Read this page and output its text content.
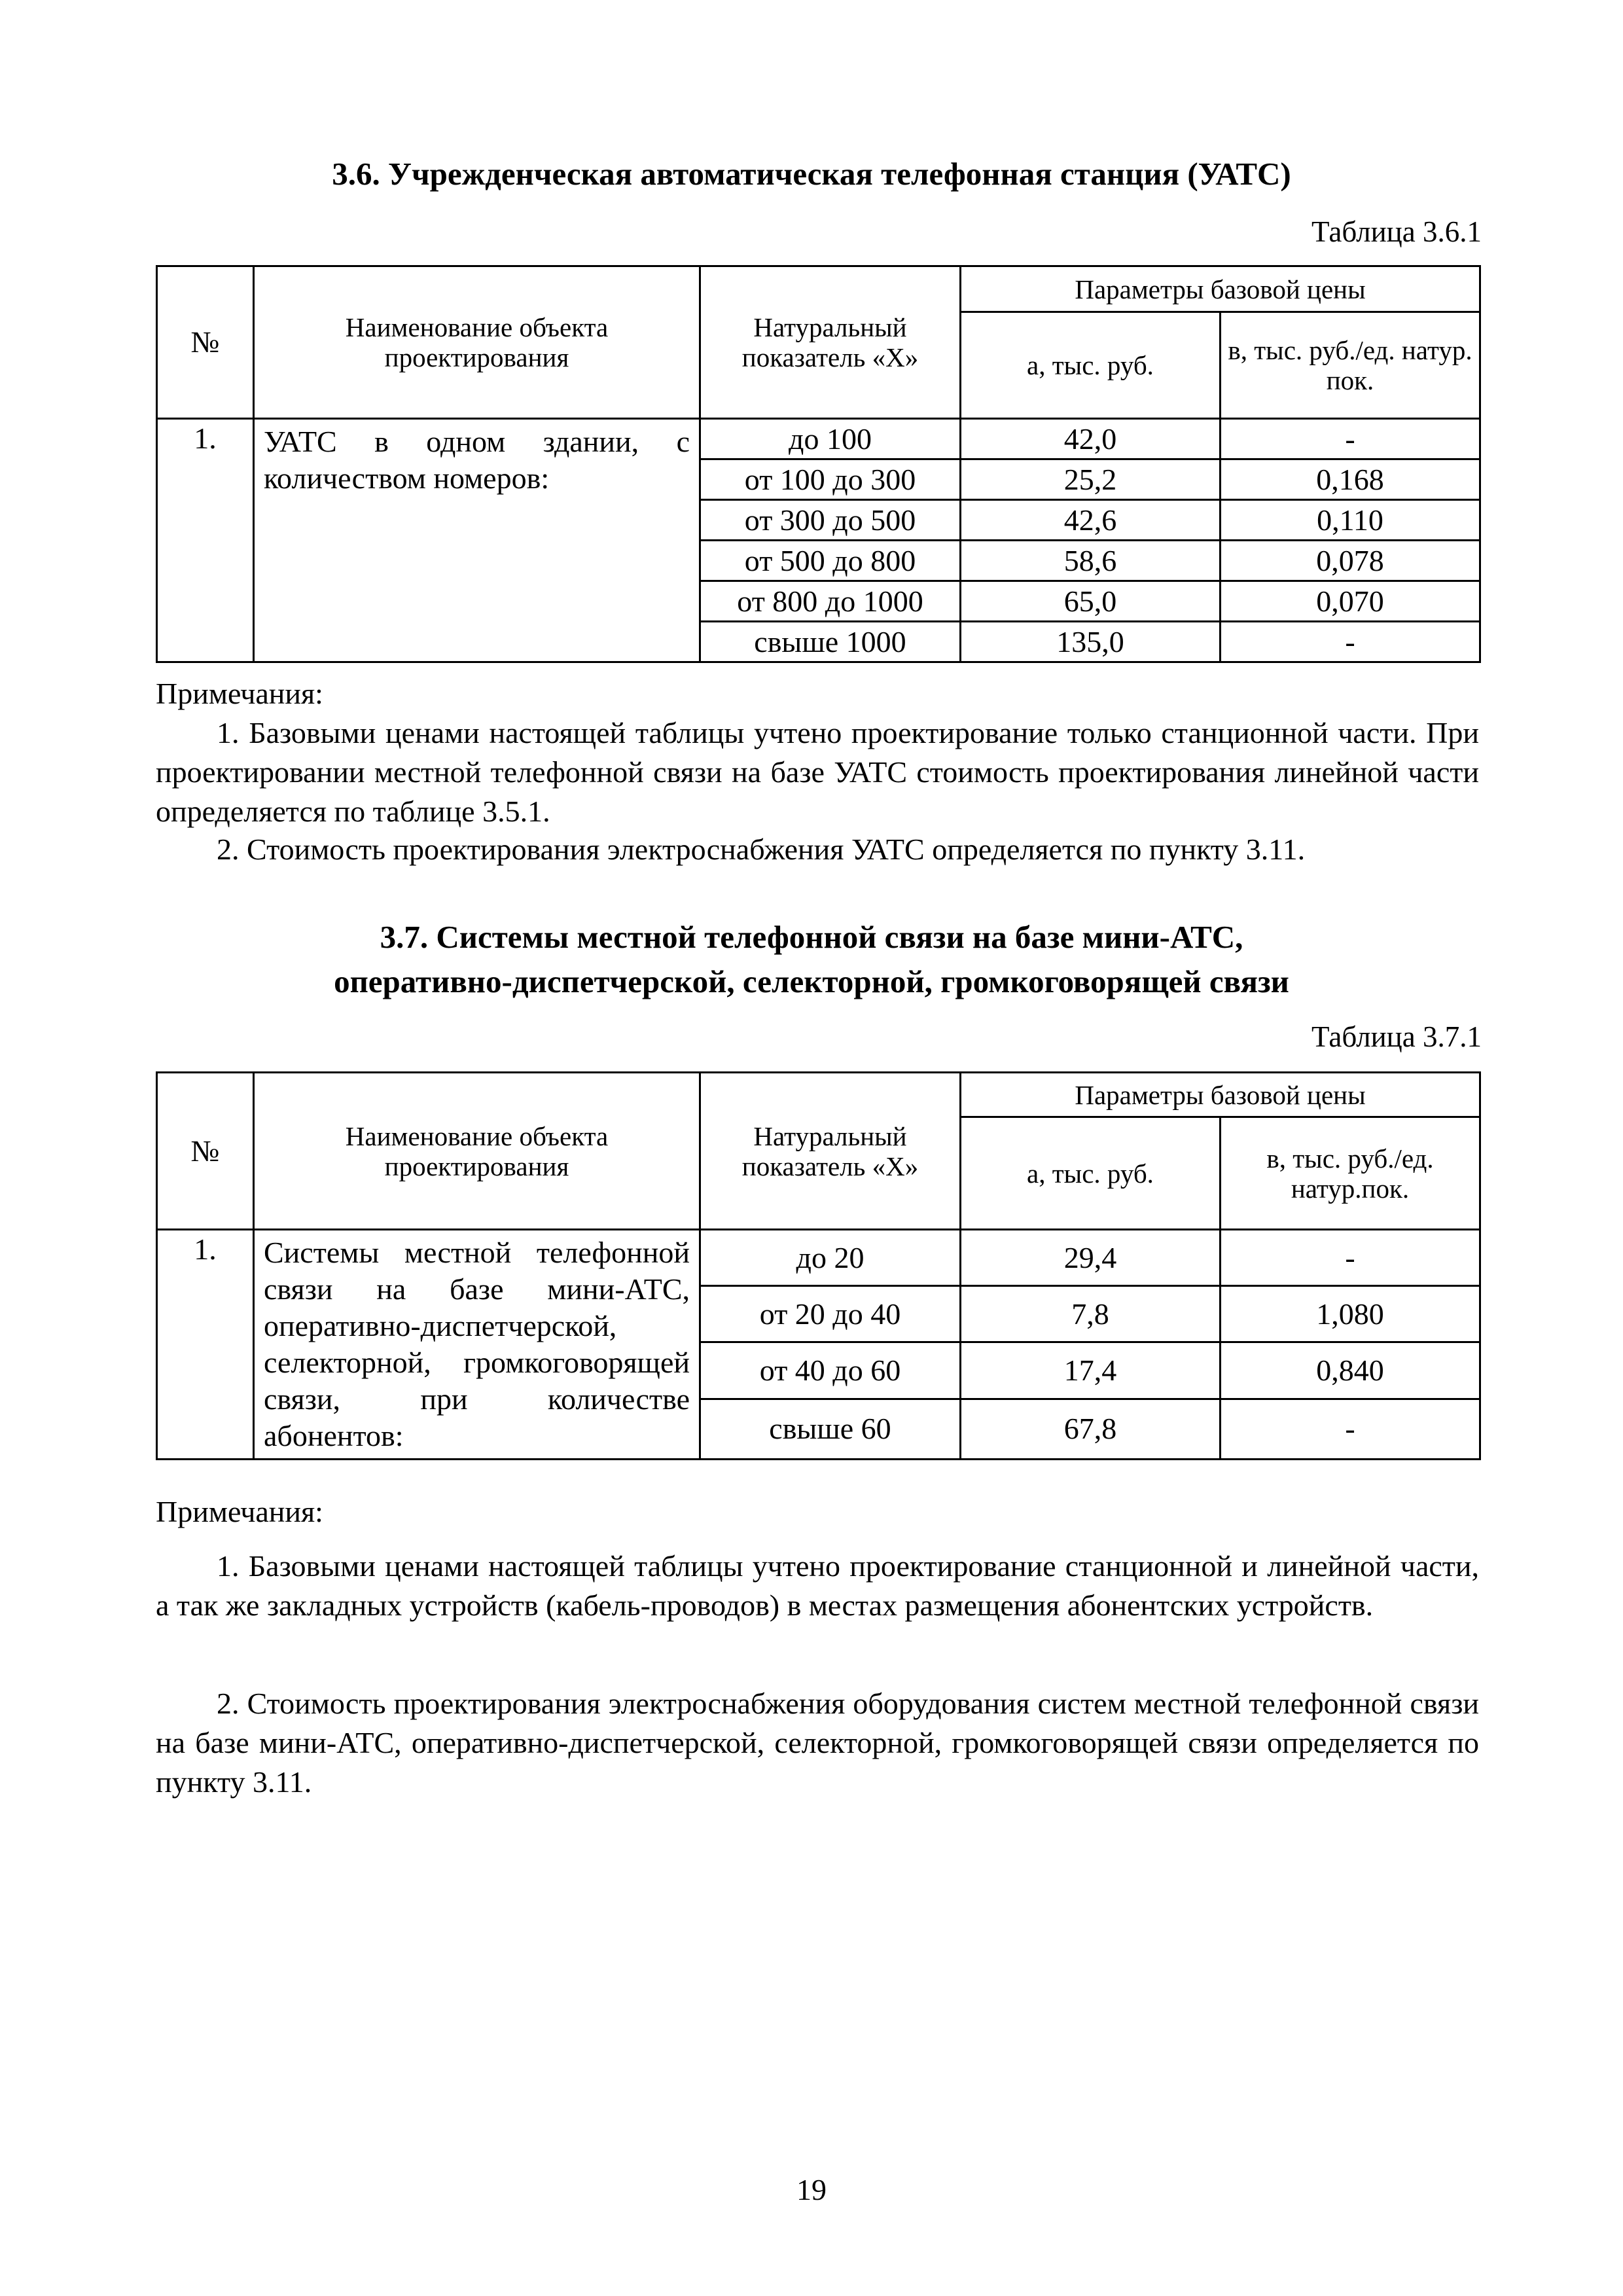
3.6. Учрежденческая автоматическая телефонная станция (УАТС)
Таблица 3.6.1
№	Наименование объекта проектирования	Натуральный показатель «Х»	Параметры базовой цены	
			а, тыс. руб.	в, тыс. руб./ед. натур. пок.
1.	УАТС в одном здании, с количеством номеров:	до 100	42,0	-
		от 100 до 300	25,2	0,168
		от 300 до 500	42,6	0,110
		от 500 до 800	58,6	0,078
		от 800 до 1000	65,0	0,070
		свыше 1000	135,0	-
Примечания:

1. Базовыми ценами настоящей таблицы учтено проектирование только станционной части. При проектировании местной телефонной связи на базе УАТС стоимость проектирования линейной части определяется по таблице 3.5.1.

2. Стоимость проектирования электроснабжения УАТС определяется по пункту 3.11.

3.7. Системы местной телефонной связи на базе мини-АТС,
оперативно-диспетчерской, селекторной, громкоговорящей связи
Таблица 3.7.1
№	Наименование объекта проектирования	Натуральный показатель «Х»	Параметры базовой цены	
			а, тыс. руб.	в, тыс. руб./ед. натур.пок.
1.	Системы местной телефонной связи на базе мини-АТС, оперативно-диспетчерской, селекторной, громкоговорящей связи, при количестве абонентов:	до 20	29,4	-
		от 20 до 40	7,8	1,080
		от 40 до 60	17,4	0,840
		свыше 60	67,8	-
Примечания:

1. Базовыми ценами настоящей таблицы учтено проектирование станционной и линейной части, а так же закладных устройств (кабель-проводов) в местах размещения абонентских устройств.

2. Стоимость проектирования электроснабжения оборудования систем местной телефонной связи на базе мини-АТС, оперативно-диспетчерской, селекторной, громкоговорящей связи определяется по пункту 3.11.

19
